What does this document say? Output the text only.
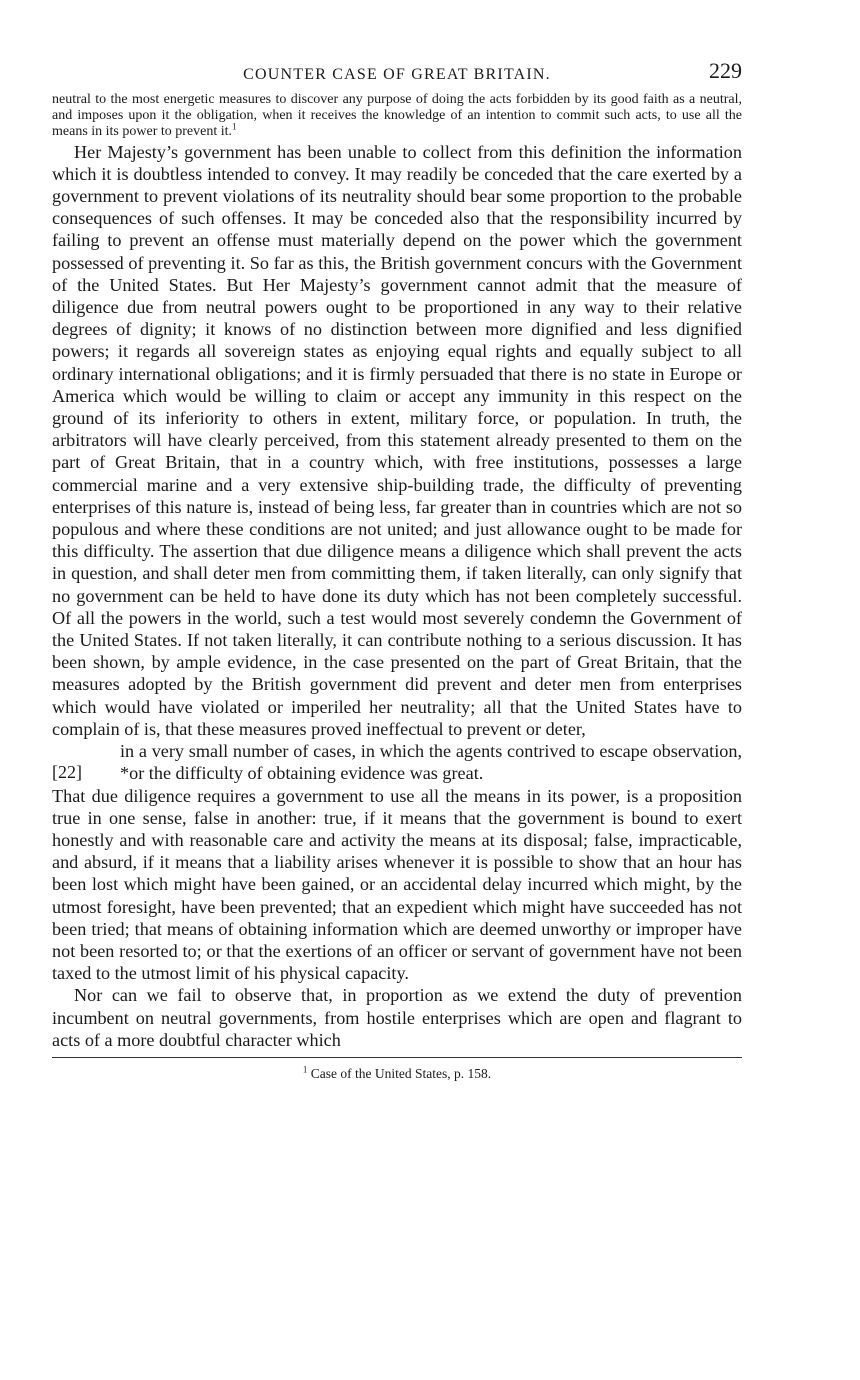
COUNTER CASE OF GREAT BRITAIN.	229

neutral to the most energetic measures to discover any purpose of doing the acts forbidden by its good faith as a neutral, and imposes upon it the obligation, when it receives the knowledge of an intention to commit such acts, to use all the means in its power to prevent it.$^1$

Her Majesty’s government has been unable to collect from this definition the information which it is doubtless intended to convey. It may readily be conceded that the care exerted by a government to prevent violations of its neutrality should bear some proportion to the probable consequences of such offenses. It may be conceded also that the responsibility incurred by failing to prevent an offense must materially depend on the power which the government possessed of preventing it. So far as this, the British government concurs with the Government of the United States. But Her Majesty’s government cannot admit that the measure of diligence due from neutral powers ought to be proportioned in any way to their relative degrees of dignity; it knows of no distinction between more dignified and less dignified powers; it regards all sovereign states as enjoying equal rights and equally subject to all ordinary international obligations; and it is firmly persuaded that there is no state in Europe or America which would be willing to claim or accept any immunity in this respect on the ground of its inferiority to others in extent, military force, or population. In truth, the arbitrators will have clearly perceived, from this statement already presented to them on the part of Great Britain, that in a country which, with free institutions, possesses a large commercial marine and a very extensive ship-building trade, the difficulty of preventing enterprises of this nature is, instead of being less, far greater than in countries which are not so populous and where these conditions are not united; and just allowance ought to be made for this difficulty. The assertion that due diligence means a diligence which shall prevent the acts in question, and shall deter men from committing them, if taken literally, can only signify that no government can be held to have done its duty which has not been completely successful. Of all the powers in the world, such a test would most severely condemn the Government of the United States. If not taken literally, it can contribute nothing to a serious discussion. It has been shown, by ample evidence, in the case presented on the part of Great Britain, that the measures adopted by the British government did prevent and deter men from enterprises which would have violated or imperiled her neutrality; all that the United States have to complain of is, that these measures proved ineffectual to prevent or deter,

[22]

in a very small number of cases, in which the agents contrived to escape observation, *or the difficulty of obtaining evidence was great.

That due diligence requires a government to use all the means in its power, is a proposition true in one sense, false in another: true, if it means that the government is bound to exert honestly and with reasonable care and activity the means at its disposal; false, impracticable, and absurd, if it means that a liability arises whenever it is possible to show that an hour has been lost which might have been gained, or an accidental delay incurred which might, by the utmost foresight, have been prevented; that an expedient which might have succeeded has not been tried; that means of obtaining information which are deemed unworthy or improper have not been resorted to; or that the exertions of an officer or servant of government have not been taxed to the utmost limit of his physical capacity.

Nor can we fail to observe that, in proportion as we extend the duty of prevention incumbent on neutral governments, from hostile enterprises which are open and flagrant to acts of a more doubtful character which

$^1$ Case of the United States, p. 158.
